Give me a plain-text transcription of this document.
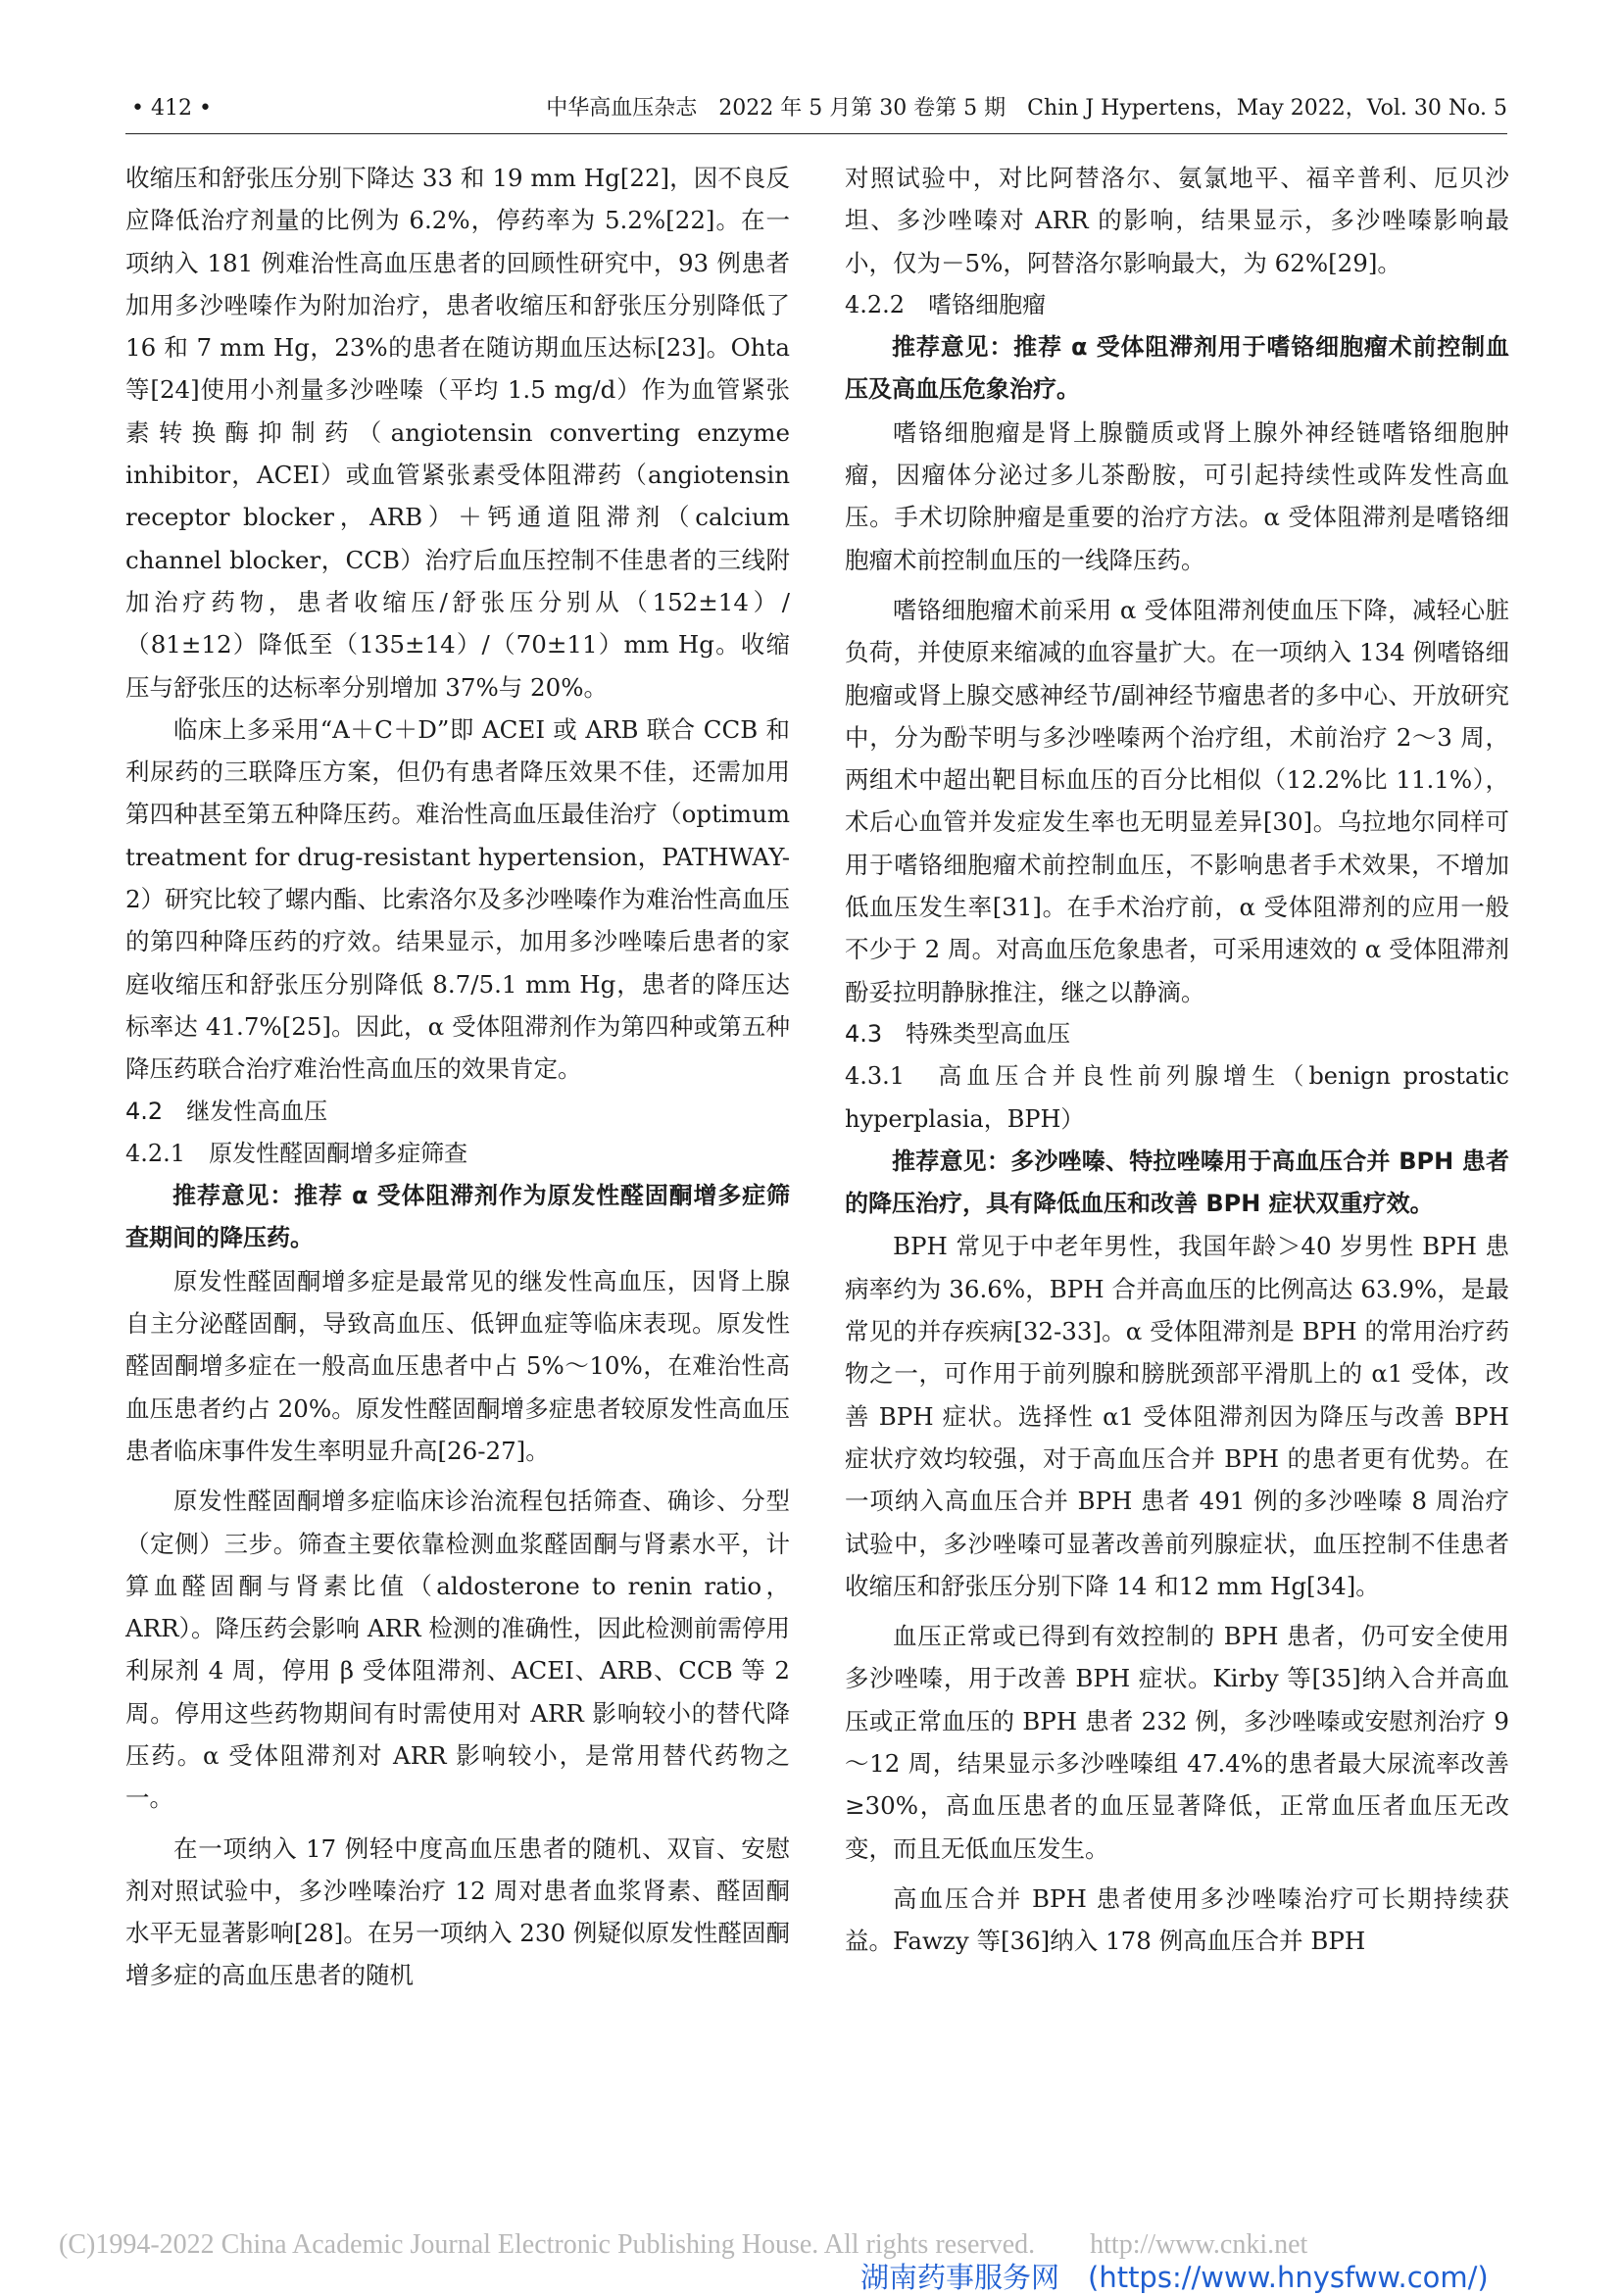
• 412 •	中华高血压杂志　2022 年 5 月第 30 卷第 5 期　Chin J Hypertens，May 2022，Vol. 30 No. 5

收缩压和舒张压分别下降达 33 和 19 mm Hg[22]，因不良反应降低治疗剂量的比例为 6.2%，停药率为 5.2%[22]。在一项纳入 181 例难治性高血压患者的回顾性研究中，93 例患者加用多沙唑嗪作为附加治疗，患者收缩压和舒张压分别降低了 16 和 7 mm Hg，23%的患者在随访期血压达标[23]。Ohta 等[24]使用小剂量多沙唑嗪（平均 1.5 mg/d）作为血管紧张素转换酶抑制药（angiotensin converting enzyme inhibitor，ACEI）或血管紧张素受体阻滞药（angiotensin receptor blocker，ARB）＋钙通道阻滞剂（calcium channel blocker，CCB）治疗后血压控制不佳患者的三线附加治疗药物，患者收缩压/舒张压分别从（152±14）/（81±12）降低至（135±14）/（70±11）mm Hg。收缩压与舒张压的达标率分别增加 37%与 20%。

临床上多采用“A＋C＋D”即 ACEI 或 ARB 联合 CCB 和利尿药的三联降压方案，但仍有患者降压效果不佳，还需加用第四种甚至第五种降压药。难治性高血压最佳治疗（optimum treatment for drug-resistant hypertension，PATHWAY-2）研究比较了螺内酯、比索洛尔及多沙唑嗪作为难治性高血压的第四种降压药的疗效。结果显示，加用多沙唑嗪后患者的家庭收缩压和舒张压分别降低 8.7/5.1 mm Hg，患者的降压达标率达 41.7%[25]。因此，α 受体阻滞剂作为第四种或第五种降压药联合治疗难治性高血压的效果肯定。

4.2　继发性高血压

4.2.1　原发性醛固酮增多症筛查

推荐意见：推荐 α 受体阻滞剂作为原发性醛固酮增多症筛查期间的降压药。

原发性醛固酮增多症是最常见的继发性高血压，因肾上腺自主分泌醛固酮，导致高血压、低钾血症等临床表现。原发性醛固酮增多症在一般高血压患者中占 5%～10%，在难治性高血压患者约占 20%。原发性醛固酮增多症患者较原发性高血压患者临床事件发生率明显升高[26-27]。

原发性醛固酮增多症临床诊治流程包括筛查、确诊、分型（定侧）三步。筛查主要依靠检测血浆醛固酮与肾素水平，计算血醛固酮与肾素比值（aldosterone to renin ratio，ARR）。降压药会影响 ARR 检测的准确性，因此检测前需停用利尿剂 4 周，停用 β 受体阻滞剂、ACEI、ARB、CCB 等 2 周。停用这些药物期间有时需使用对 ARR 影响较小的替代降压药。α 受体阻滞剂对 ARR 影响较小，是常用替代药物之一。

在一项纳入 17 例轻中度高血压患者的随机、双盲、安慰剂对照试验中，多沙唑嗪治疗 12 周对患者血浆肾素、醛固酮水平无显著影响[28]。在另一项纳入 230 例疑似原发性醛固酮增多症的高血压患者的随机

对照试验中，对比阿替洛尔、氨氯地平、福辛普利、厄贝沙坦、多沙唑嗪对 ARR 的影响，结果显示，多沙唑嗪影响最小，仅为－5%，阿替洛尔影响最大，为 62%[29]。

4.2.2　嗜铬细胞瘤

推荐意见：推荐 α 受体阻滞剂用于嗜铬细胞瘤术前控制血压及高血压危象治疗。

嗜铬细胞瘤是肾上腺髓质或肾上腺外神经链嗜铬细胞肿瘤，因瘤体分泌过多儿茶酚胺，可引起持续性或阵发性高血压。手术切除肿瘤是重要的治疗方法。α 受体阻滞剂是嗜铬细胞瘤术前控制血压的一线降压药。

嗜铬细胞瘤术前采用 α 受体阻滞剂使血压下降，减轻心脏负荷，并使原来缩减的血容量扩大。在一项纳入 134 例嗜铬细胞瘤或肾上腺交感神经节/副神经节瘤患者的多中心、开放研究中，分为酚苄明与多沙唑嗪两个治疗组，术前治疗 2～3 周，两组术中超出靶目标血压的百分比相似（12.2%比 11.1%），术后心血管并发症发生率也无明显差异[30]。乌拉地尔同样可用于嗜铬细胞瘤术前控制血压，不影响患者手术效果，不增加低血压发生率[31]。在手术治疗前，α 受体阻滞剂的应用一般不少于 2 周。对高血压危象患者，可采用速效的 α 受体阻滞剂酚妥拉明静脉推注，继之以静滴。

4.3　特殊类型高血压

4.3.1　高血压合并良性前列腺增生（benign prostatic hyperplasia，BPH）

推荐意见：多沙唑嗪、特拉唑嗪用于高血压合并 BPH 患者的降压治疗，具有降低血压和改善 BPH 症状双重疗效。

BPH 常见于中老年男性，我国年龄＞40 岁男性 BPH 患病率约为 36.6%，BPH 合并高血压的比例高达 63.9%，是最常见的并存疾病[32-33]。α 受体阻滞剂是 BPH 的常用治疗药物之一，可作用于前列腺和膀胱颈部平滑肌上的 α1 受体，改善 BPH 症状。选择性 α1 受体阻滞剂因为降压与改善 BPH 症状疗效均较强，对于高血压合并 BPH 的患者更有优势。在一项纳入高血压合并 BPH 患者 491 例的多沙唑嗪 8 周治疗试验中，多沙唑嗪可显著改善前列腺症状，血压控制不佳患者收缩压和舒张压分别下降 14 和12 mm Hg[34]。

血压正常或已得到有效控制的 BPH 患者，仍可安全使用多沙唑嗪，用于改善 BPH 症状。Kirby 等[35]纳入合并高血压或正常血压的 BPH 患者 232 例，多沙唑嗪或安慰剂治疗 9～12 周，结果显示多沙唑嗪组 47.4%的患者最大尿流率改善≥30%，高血压患者的血压显著降低，正常血压者血压无改变，而且无低血压发生。

高血压合并 BPH 患者使用多沙唑嗪治疗可长期持续获益。Fawzy 等[36]纳入 178 例高血压合并 BPH

(C)1994-2022 China Academic Journal Electronic Publishing House. All rights reserved.　　http://www.cnki.net
湖南药事服务网　(https://www.hnysfww.com/)
